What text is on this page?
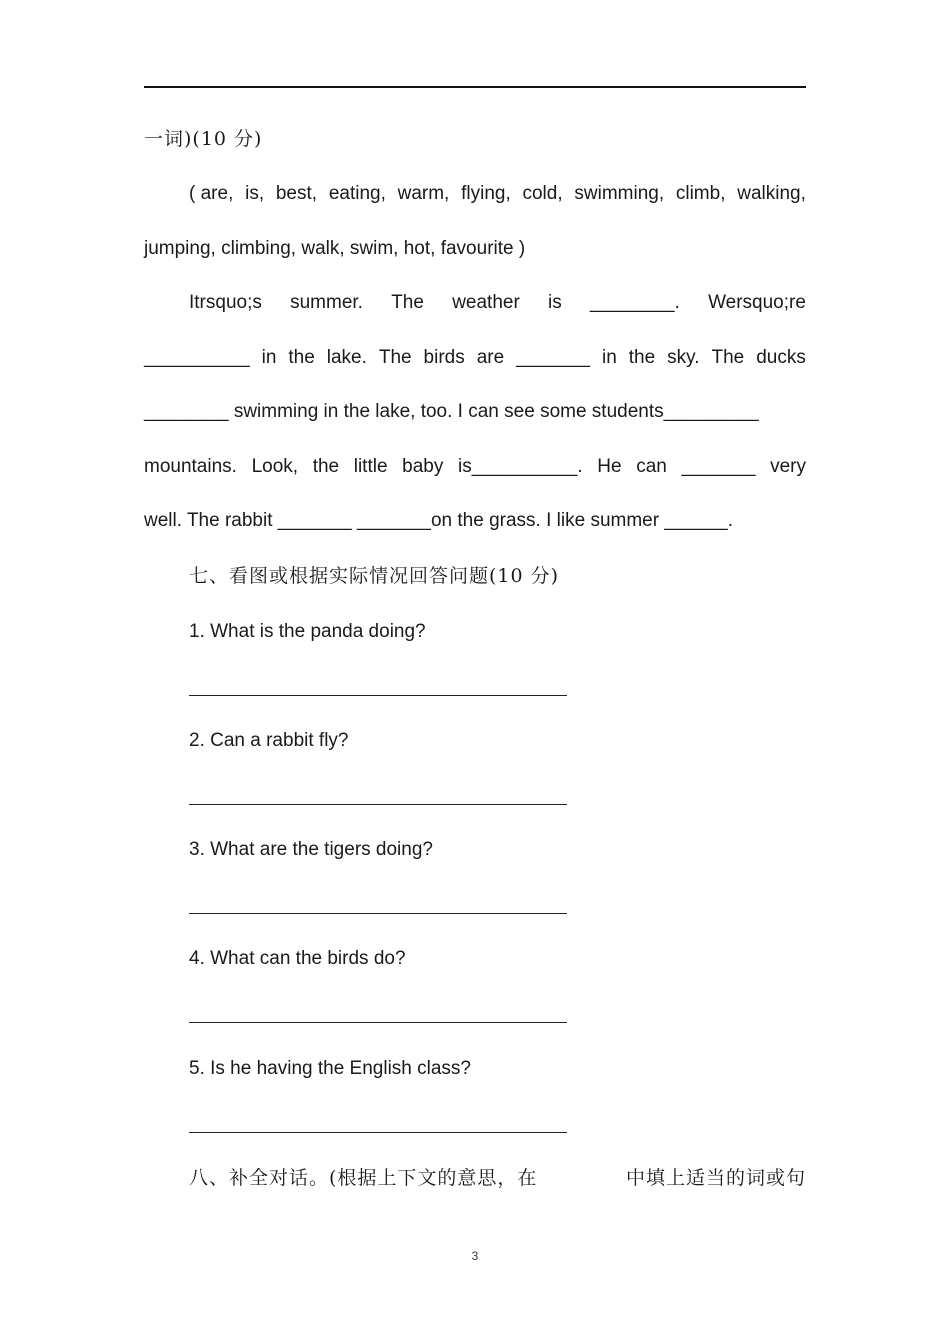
一词)(10 分)
( are, is, best, eating, warm, flying, cold, swimming, climb, walking,
jumping, climbing, walk, swim, hot, favourite )
Itrsquo;s summer. The weather is ________. Wersquo;re
__________ in the lake. The birds are _______ in the sky. The ducks
________ swimming in the lake, too. I can see some students_________
mountains. Look, the little baby is__________. He can _______ very
well. The rabbit _______ _______on the grass. I like summer ______.
七、看图或根据实际情况回答问题(10 分)
1. What is the panda doing?
2. Can a rabbit fly?
3. What are the tigers doing?
4. What can the birds do?
5. Is he having the English class?
八、补全对话。(根据上下文的意思，在	中填上适当的词或句
3
